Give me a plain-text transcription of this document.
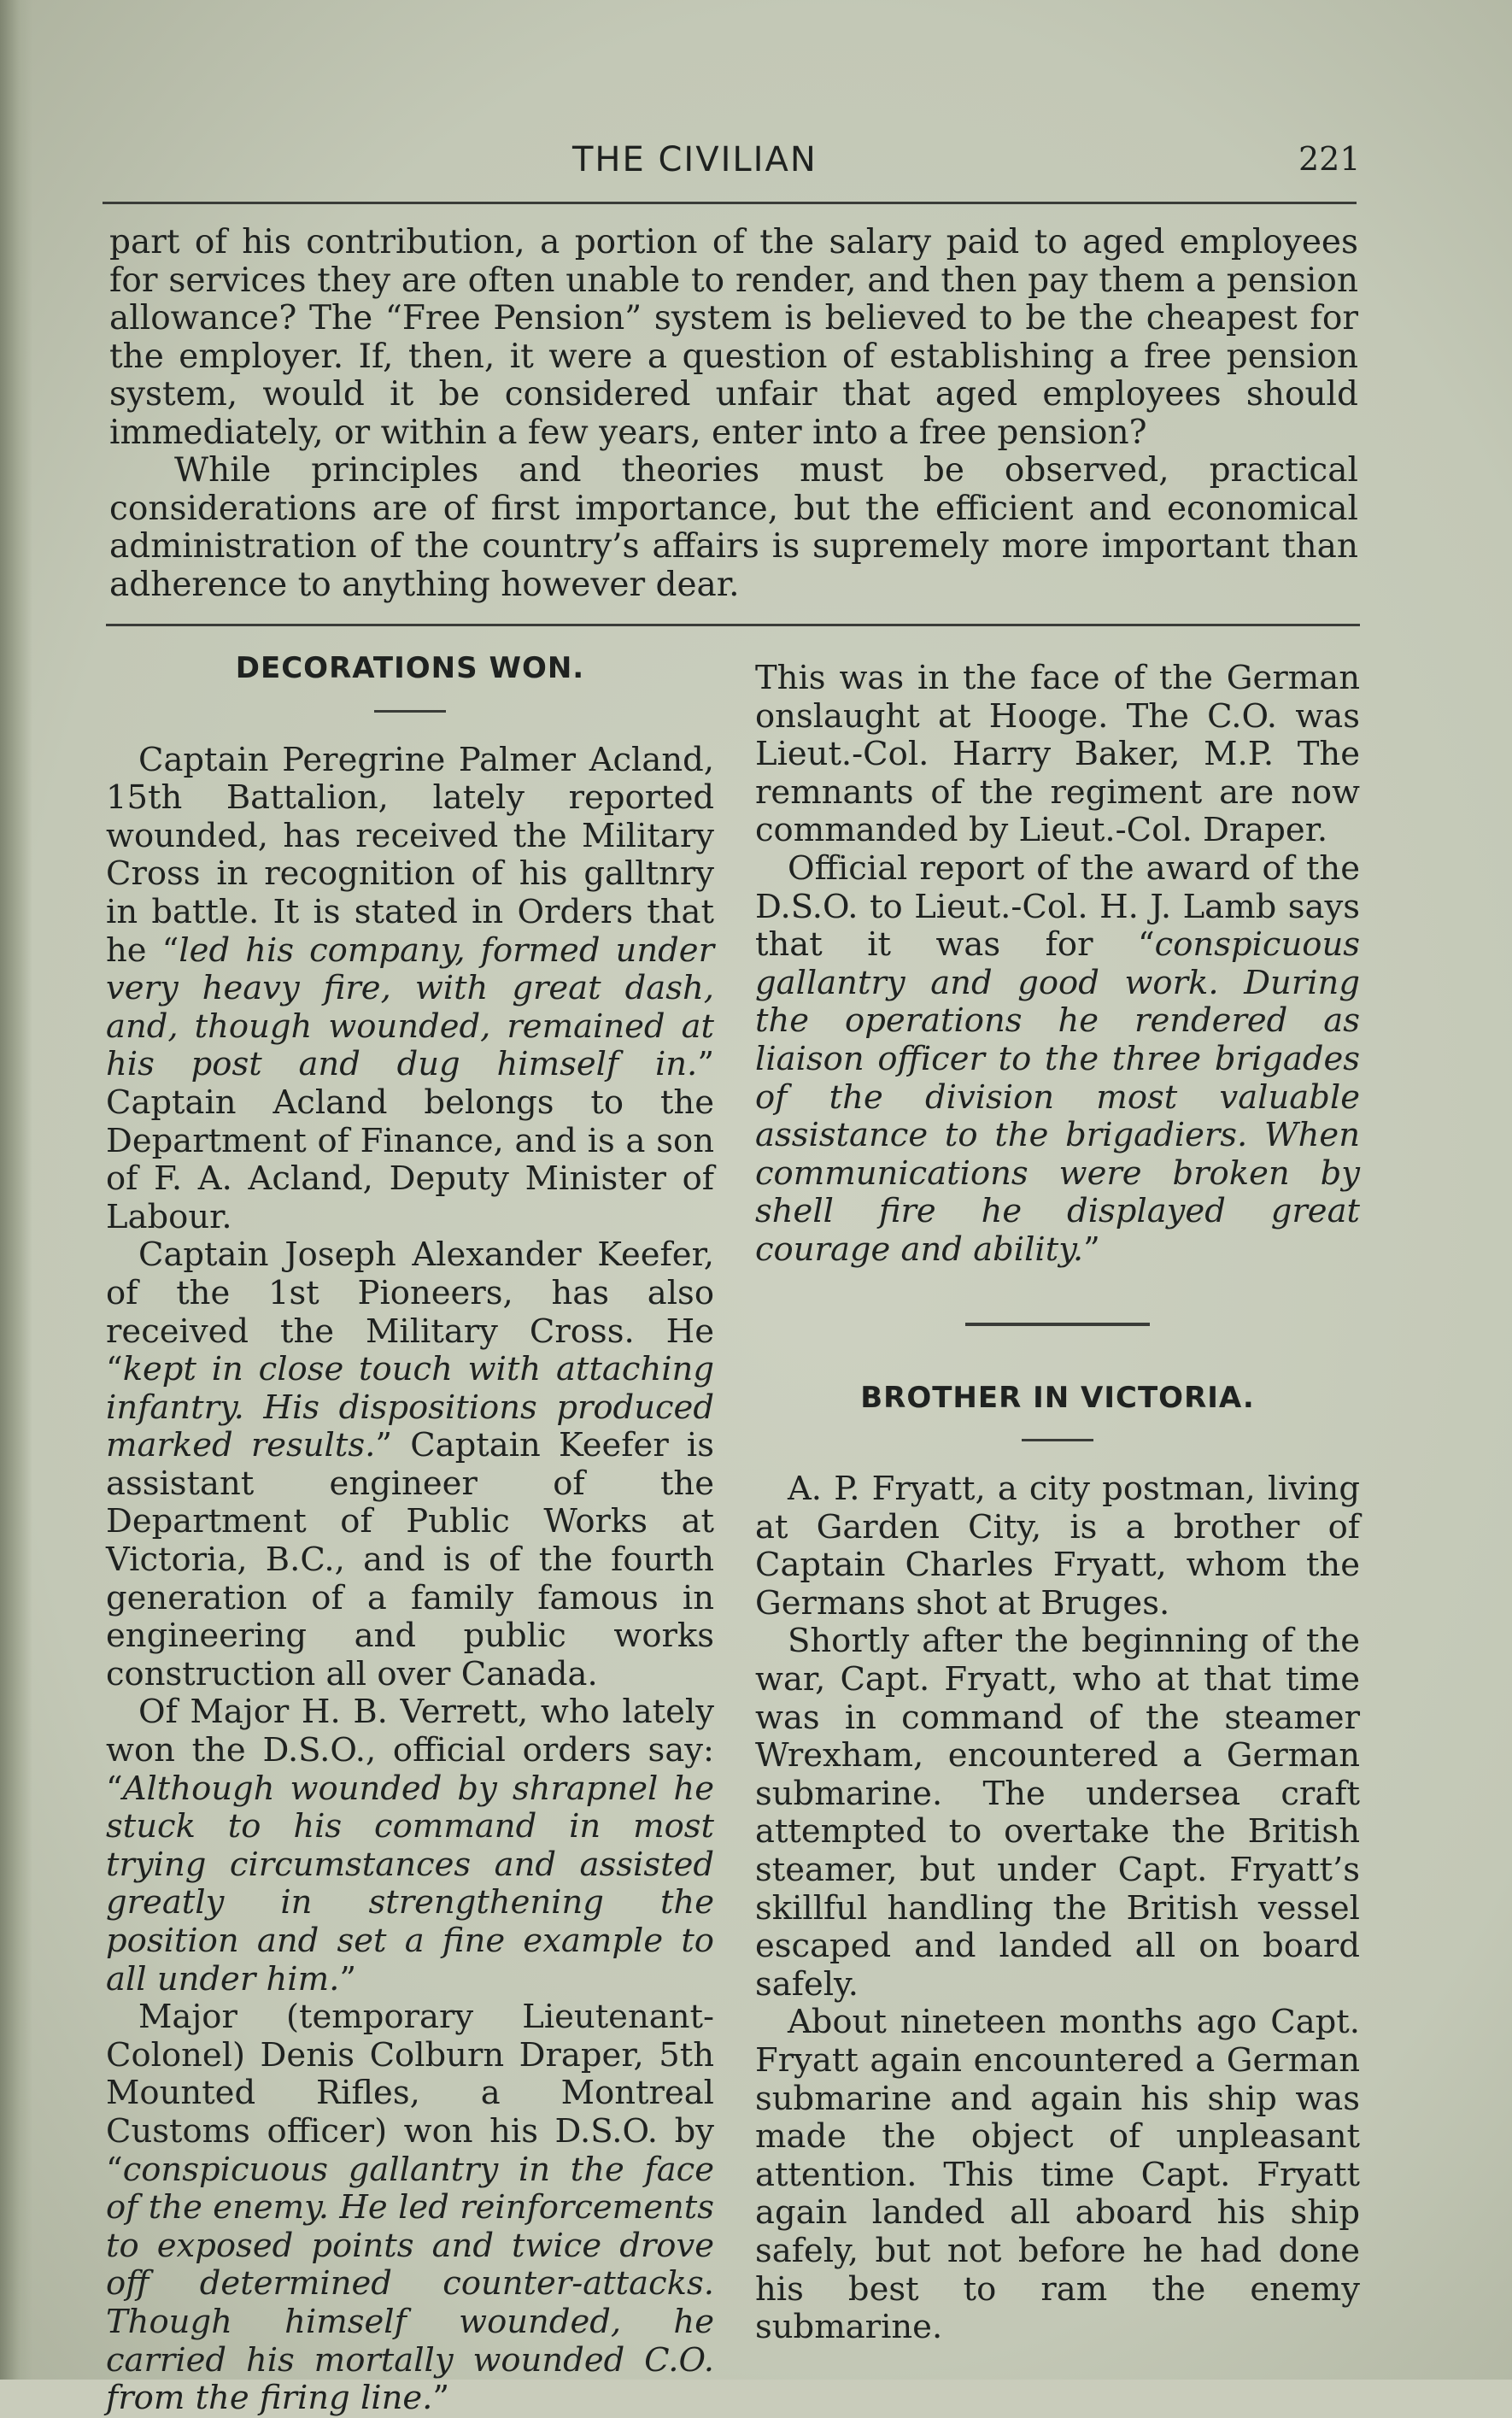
THE CIVILIAN	221

part of his contribution, a portion of the salary paid to aged employees for services they are often unable to render, and then pay them a pension allowance? The “Free Pension” system is believed to be the cheapest for the employer. If, then, it were a question of establishing a free pension system, would it be considered unfair that aged employees should immediately, or within a few years, enter into a free pension?

While principles and theories must be observed, practical considerations are of first importance, but the efficient and economical administration of the country’s affairs is supremely more important than adherence to anything however dear.

DECORATIONS WON.

Captain Peregrine Palmer Acland, 15th Battalion, lately reported wounded, has received the Military Cross in recognition of his galltnry in battle. It is stated in Orders that he “led his company, formed under very heavy fire, with great dash, and, though wounded, remained at his post and dug himself in.” Captain Acland belongs to the Department of Finance, and is a son of F. A. Acland, Deputy Minister of Labour.

Captain Joseph Alexander Keefer, of the 1st Pioneers, has also received the Military Cross. He “kept in close touch with attaching infantry. His dispositions produced marked results.” Captain Keefer is assistant engineer of the Department of Public Works at Victoria, B.C., and is of the fourth generation of a family famous in engineering and public works construction all over Canada.

Of Major H. B. Verrett, who lately won the D.S.O., official orders say: “Although wounded by shrapnel he stuck to his command in most trying circumstances and assisted greatly in strengthening the position and set a fine example to all under him.”

Major (temporary Lieutenant-Colonel) Denis Colburn Draper, 5th Mounted Rifles, a Montreal Customs officer) won his D.S.O. by “conspicuous gallantry in the face of the enemy. He led reinforcements to exposed points and twice drove off determined counter-attacks. Though himself wounded, he carried his mortally wounded C.O. from the firing line.”

This was in the face of the German onslaught at Hooge. The C.O. was Lieut.-Col. Harry Baker, M.P. The remnants of the regiment are now commanded by Lieut.-Col. Draper.

Official report of the award of the D.S.O. to Lieut.-Col. H. J. Lamb says that it was for “conspicuous gallantry and good work. During the operations he rendered as liaison officer to the three brigades of the division most valuable assistance to the brigadiers. When communications were broken by shell fire he displayed great courage and ability.”

BROTHER IN VICTORIA.

A. P. Fryatt, a city postman, living at Garden City, is a brother of Captain Charles Fryatt, whom the Germans shot at Bruges.

Shortly after the beginning of the war, Capt. Fryatt, who at that time was in command of the steamer Wrexham, encountered a German submarine. The undersea craft attempted to overtake the British steamer, but under Capt. Fryatt’s skillful handling the British vessel escaped and landed all on board safely.

About nineteen months ago Capt. Fryatt again encountered a German submarine and again his ship was made the object of unpleasant attention. This time Capt. Fryatt again landed all aboard his ship safely, but not before he had done his best to ram the enemy submarine.
